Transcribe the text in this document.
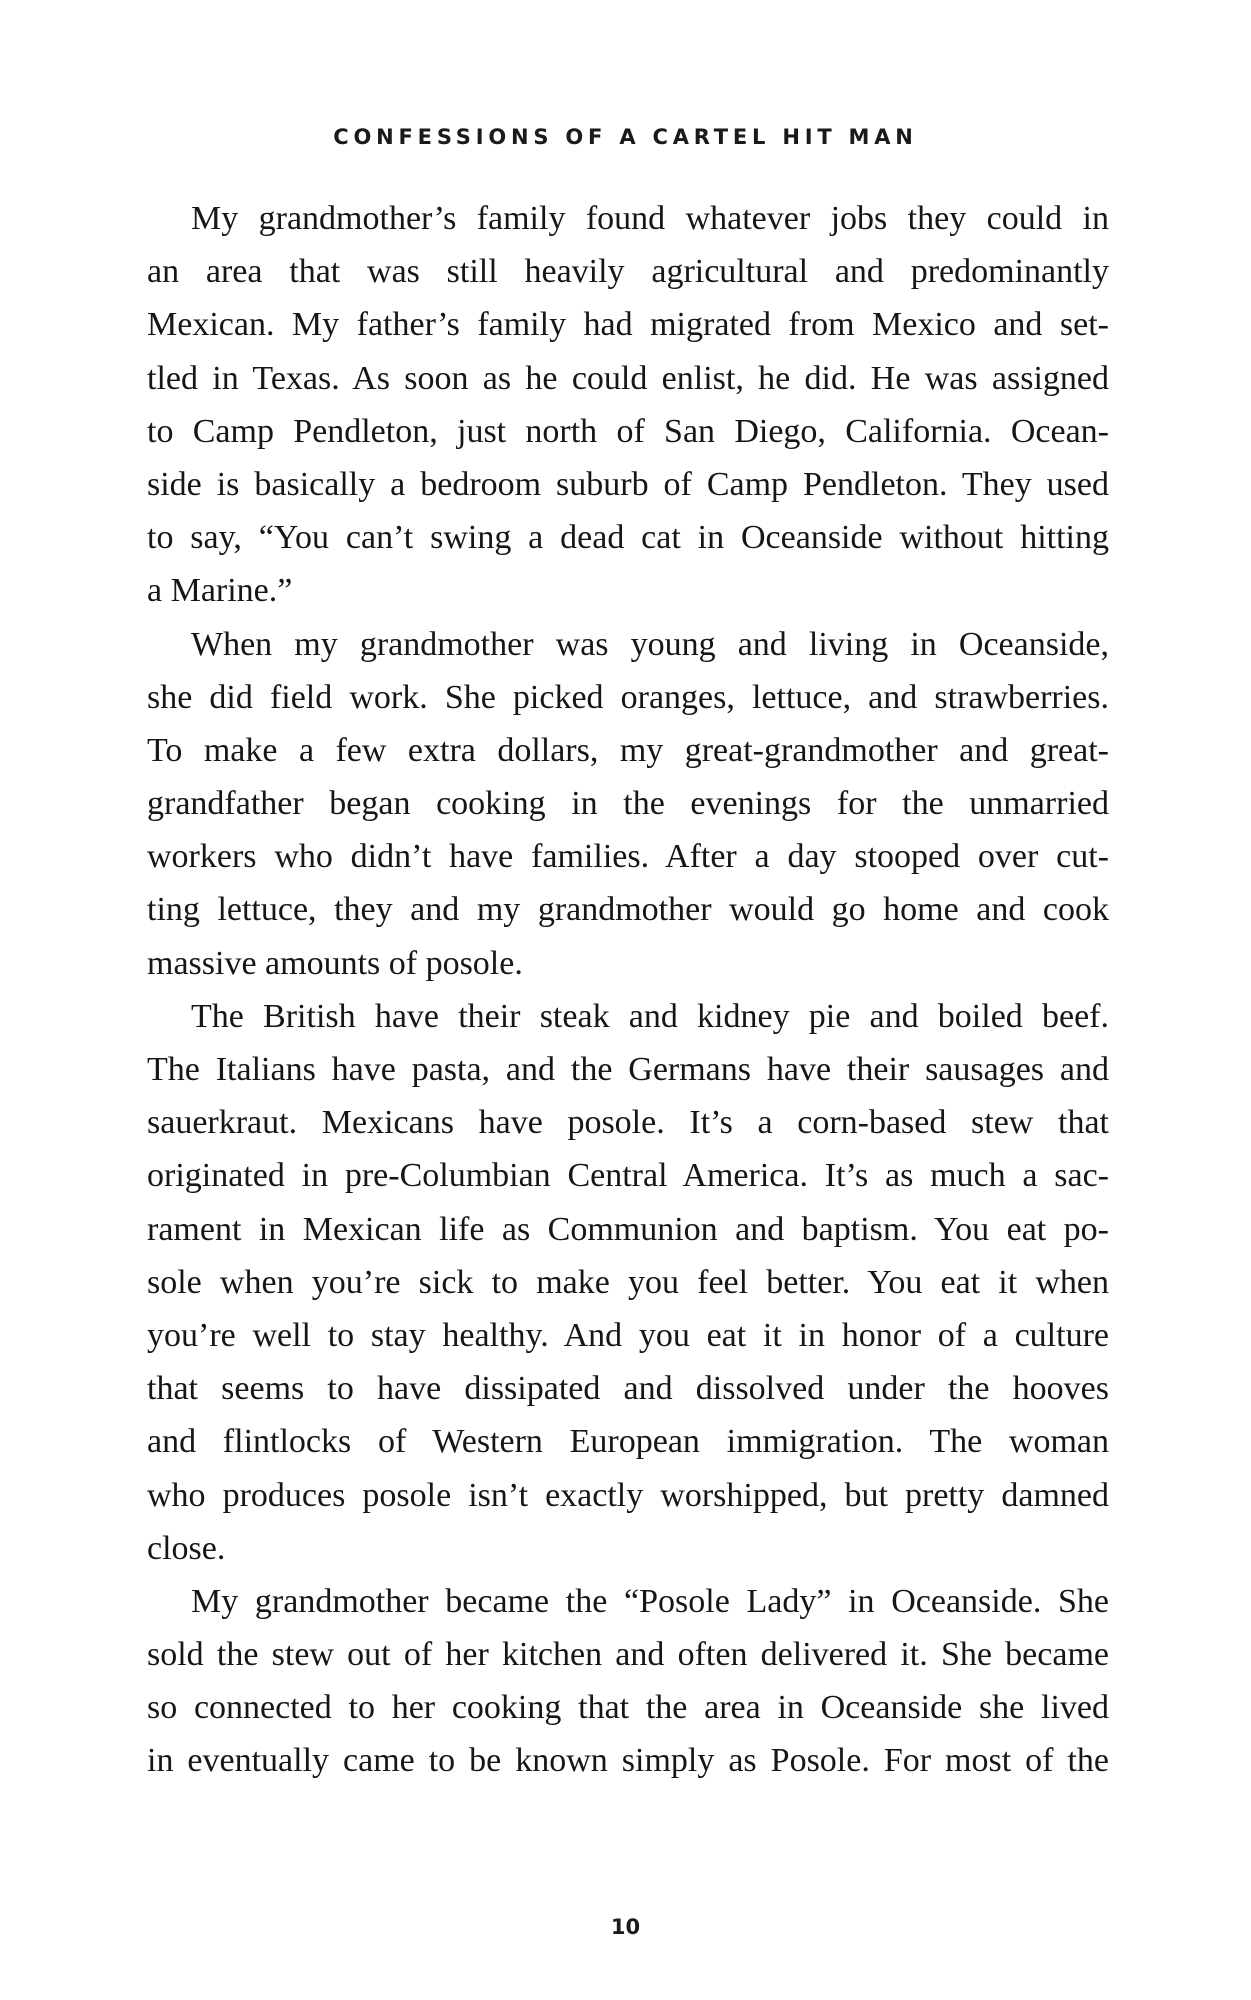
CONFESSIONS OF A CARTEL HIT MAN
My grandmother’s family found whatever jobs they could in
an area that was still heavily agricultural and predominantly
Mexican. My father’s family had migrated from Mexico and set-
tled in Texas. As soon as he could enlist, he did. He was assigned
to Camp Pendleton, just north of San Diego, California. Ocean-
side is basically a bedroom suburb of Camp Pendleton. They used
to say, “You can’t swing a dead cat in Oceanside without hitting
a Marine.”
When my grandmother was young and living in Oceanside,
she did field work. She picked oranges, lettuce, and strawberries.
To make a few extra dollars, my great-grandmother and great-
grandfather began cooking in the evenings for the unmarried
workers who didn’t have families. After a day stooped over cut-
ting lettuce, they and my grandmother would go home and cook
massive amounts of posole.
The British have their steak and kidney pie and boiled beef.
The Italians have pasta, and the Germans have their sausages and
sauerkraut. Mexicans have posole. It’s a corn-based stew that
originated in pre-Columbian Central America. It’s as much a sac-
rament in Mexican life as Communion and baptism. You eat po-
sole when you’re sick to make you feel better. You eat it when
you’re well to stay healthy. And you eat it in honor of a culture
that seems to have dissipated and dissolved under the hooves
and flintlocks of Western European immigration. The woman
who produces posole isn’t exactly worshipped, but pretty damned
close.
My grandmother became the “Posole Lady” in Oceanside. She
sold the stew out of her kitchen and often delivered it. She became
so connected to her cooking that the area in Oceanside she lived
in eventually came to be known simply as Posole. For most of the
10
